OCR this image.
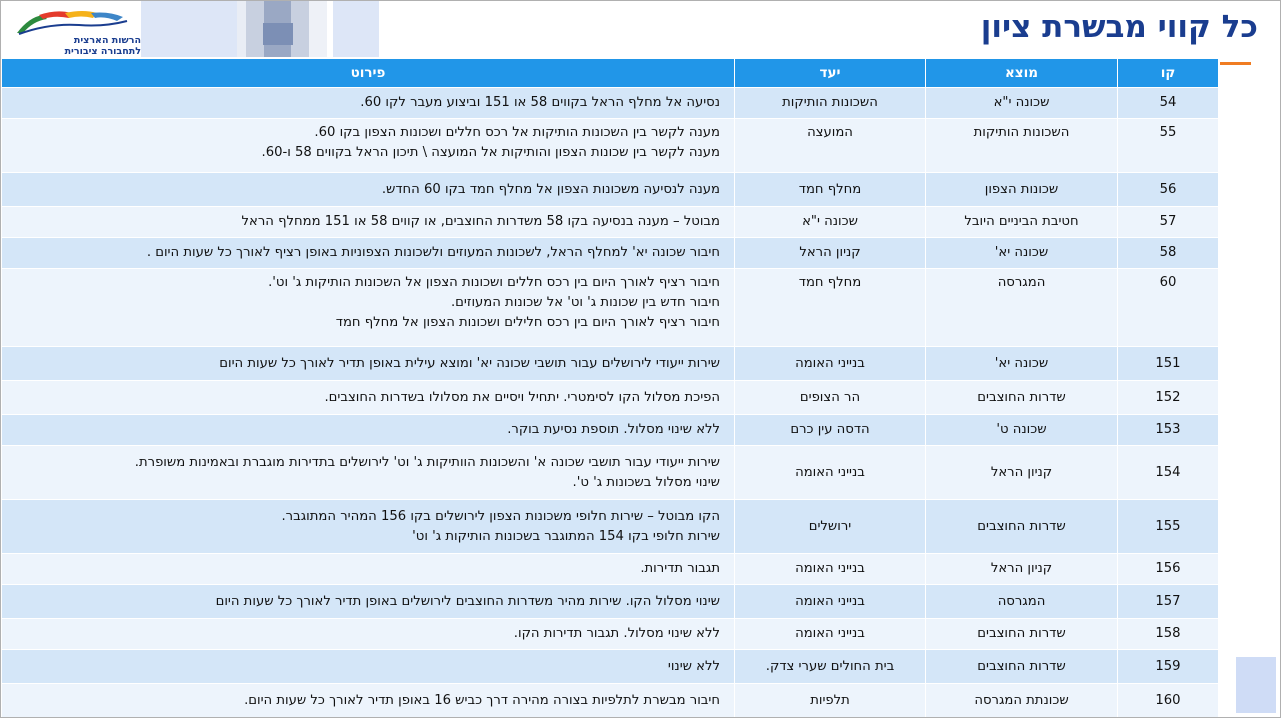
הרשות הארצית
לתחבורה ציבורית
כל קווי מבשרת ציון
קו	מוצא	יעד	פירוט
54	שכונה י"א	השכונות הותיקות	נסיעה אל מחלף הראל בקווים 58 או 151 וביצוע מעבר לקו 60.

55	השכונות הותיקות	המועצה	מענה לקשר בין השכונות הותיקות אל רכס חללים ושכונות הצפון בקו 60.
מענה לקשר בין שכונות הצפון והותיקות אל המועצה \ תיכון הראל בקווים 58 ו-60.

56	שכונות הצפון	מחלף חמד	מענה לנסיעה משכונות הצפון אל מחלף חמד בקו 60 החדש.

57	חטיבת הביניים היובל	שכונה י"א	מבוטל – מענה בנסיעה בקו 58 משדרות החוצבים, או קווים 58 או 151 ממחלף הראל

58	שכונה יא'	קניון הראל	חיבור שכונה יא' למחלף הראל, לשכונות המעוזים ולשכונות הצפוניות באופן רציף לאורך כל שעות היום .

60	המגרסה	מחלף חמד	חיבור רציף לאורך היום בין רכס חללים ושכונות הצפון אל השכונות הותיקות ג' וט'.
חיבור חדש בין שכונות ג' וט' אל שכונות המעוזים.
חיבור רציף לאורך היום בין רכס חלילים ושכונות הצפון אל מחלף חמד

151	שכונה יא'	בנייני האומה	שירות ייעודי לירושלים עבור תושבי שכונה יא' ומוצא עילית באופן תדיר לאורך כל שעות היום

152	שדרות החוצבים	הר הצופים	הפיכת מסלול הקו לסימטרי. יתחיל ויסיים את מסלולו בשדרות החוצבים.

153	שכונה ט'	הדסה עין כרם	ללא שינוי מסלול. תוספת נסיעת בוקר.

154	קניון הראל	בנייני האומה	שירות ייעודי עבור תושבי שכונה א' והשכונות הוותיקות ג' וט' לירושלים בתדירות מוגברת ובאמינות משופרת.
שינוי מסלול בשכונות ג' ט'.

155	שדרות החוצבים	ירושלים	הקו מבוטל – שירות חלופי משכונות הצפון לירושלים בקו 156 המהיר המתוגבר.
שירות חלופי בקו 154 המתוגבר בשכונות הותיקות ג' וט'

156	קניון הראל	בנייני האומה	תגבור תדירות.

157	המגרסה	בנייני האומה	שינוי מסלול הקו. שירות מהיר משדרות החוצבים לירושלים באופן תדיר לאורך כל שעות היום

158	שדרות החוצבים	בנייני האומה	ללא שינוי מסלול. תגבור תדירות הקו.

159	שדרות החוצבים	בית החולים שערי צדק.	ללא שינוי

160	שכונתת המגרסה	תלפיות	חיבור מבשרת לתלפיות בצורה מהירה דרך כביש 16 באופן תדיר לאורך כל שעות היום.
